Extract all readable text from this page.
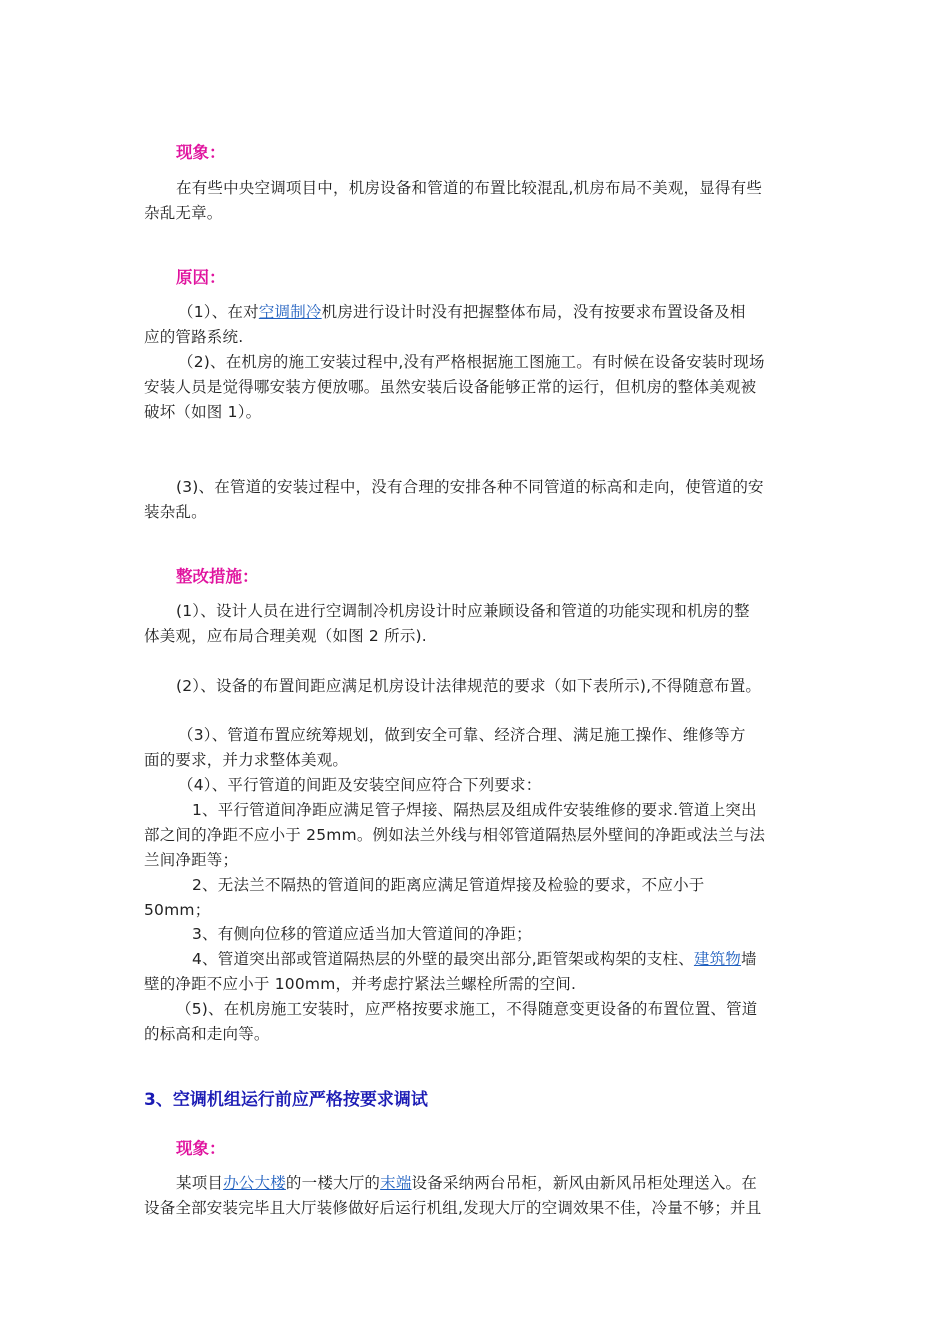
现象：
在有些中央空调项目中，机房设备和管道的布置比较混乱,机房布局不美观，显得有些
杂乱无章。
原因：
（1）、在对空调制冷机房进行设计时没有把握整体布局，没有按要求布置设备及相
应的管路系统.
（2)、在机房的施工安装过程中,没有严格根据施工图施工。有时候在设备安装时现场
安装人员是觉得哪安装方便放哪。虽然安装后设备能够正常的运行，但机房的整体美观被
破坏（如图 1）。
(3)、在管道的安装过程中，没有合理的安排各种不同管道的标高和走向，使管道的安
装杂乱。
整改措施：
(1）、设计人员在进行空调制冷机房设计时应兼顾设备和管道的功能实现和机房的整
体美观，应布局合理美观（如图 2 所示).
(2）、设备的布置间距应满足机房设计法律规范的要求（如下表所示),不得随意布置。
（3）、管道布置应统筹规划，做到安全可靠、经济合理、满足施工操作、维修等方
面的要求，并力求整体美观。
（4）、平行管道的间距及安装空间应符合下列要求：
1、平行管道间净距应满足管子焊接、隔热层及组成件安装维修的要求.管道上突出
部之间的净距不应小于 25mm。例如法兰外线与相邻管道隔热层外壁间的净距或法兰与法
兰间净距等；
2、无法兰不隔热的管道间的距离应满足管道焊接及检验的要求，不应小于
50mm；
3、有侧向位移的管道应适当加大管道间的净距；
4、管道突出部或管道隔热层的外壁的最突出部分,距管架或构架的支柱、建筑物墙
壁的净距不应小于 100mm，并考虑拧紧法兰螺栓所需的空间.
（5)、在机房施工安装时，应严格按要求施工，不得随意变更设备的布置位置、管道
的标高和走向等。
3、空调机组运行前应严格按要求调试
现象：
某项目办公大楼的一楼大厅的末端设备采纳两台吊柜，新风由新风吊柜处理送入。在
设备全部安装完毕且大厅装修做好后运行机组,发现大厅的空调效果不佳，冷量不够；并且
